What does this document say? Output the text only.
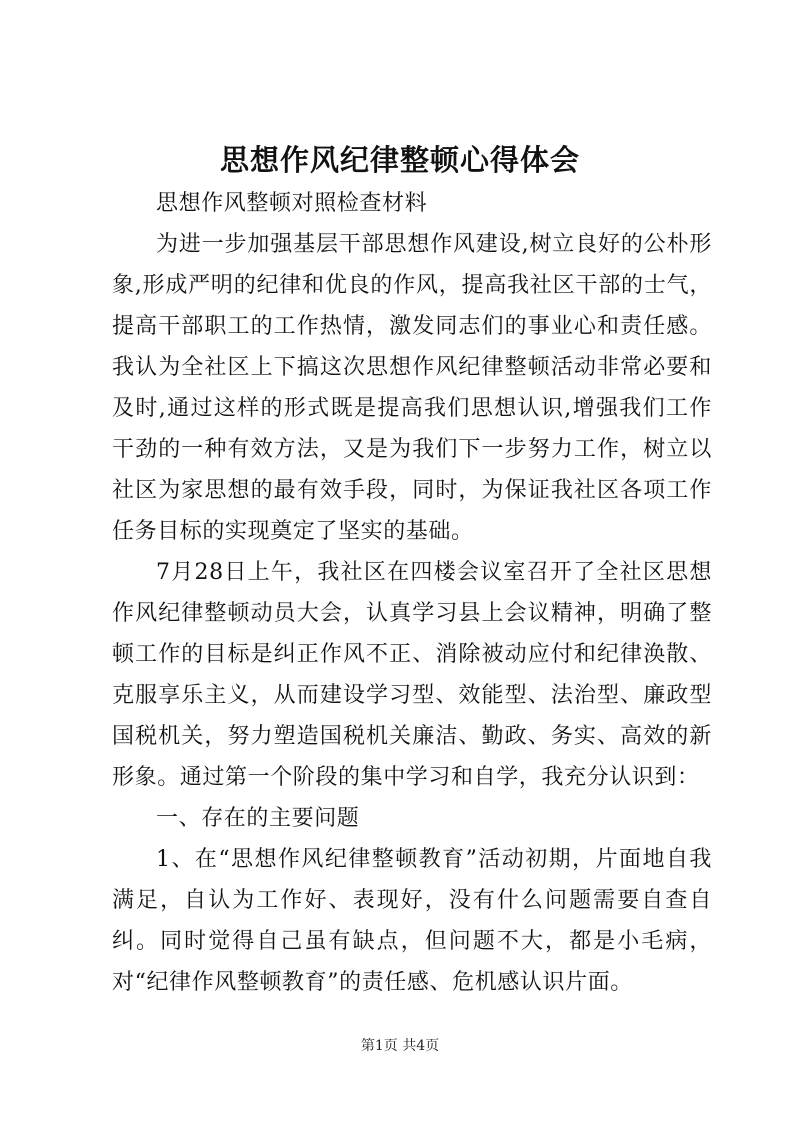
思想作风纪律整顿心得体会

思想作风整顿对照检查材料

为进一步加强基层干部思想作风建设,树立良好的公朴形象,形成严明的纪律和优良的作风，提高我社区干部的士气，提高干部职工的工作热情，激发同志们的事业心和责任感。我认为全社区上下搞这次思想作风纪律整顿活动非常必要和及时,通过这样的形式既是提高我们思想认识,增强我们工作干劲的一种有效方法，又是为我们下一步努力工作，树立以社区为家思想的最有效手段，同时，为保证我社区各项工作任务目标的实现奠定了坚实的基础。

7月28日上午，我社区在四楼会议室召开了全社区思想作风纪律整顿动员大会，认真学习县上会议精神，明确了整顿工作的目标是纠正作风不正、消除被动应付和纪律涣散、克服享乐主义，从而建设学习型、效能型、法治型、廉政型国税机关，努力塑造国税机关廉洁、勤政、务实、高效的新形象。通过第一个阶段的集中学习和自学，我充分认识到：

一、存在的主要问题

1、在“思想作风纪律整顿教育”活动初期，片面地自我满足，自认为工作好、表现好，没有什么问题需要自查自纠。同时觉得自己虽有缺点，但问题不大，都是小毛病，对“纪律作风整顿教育”的责任感、危机感认识片面。

第1页 共4页
